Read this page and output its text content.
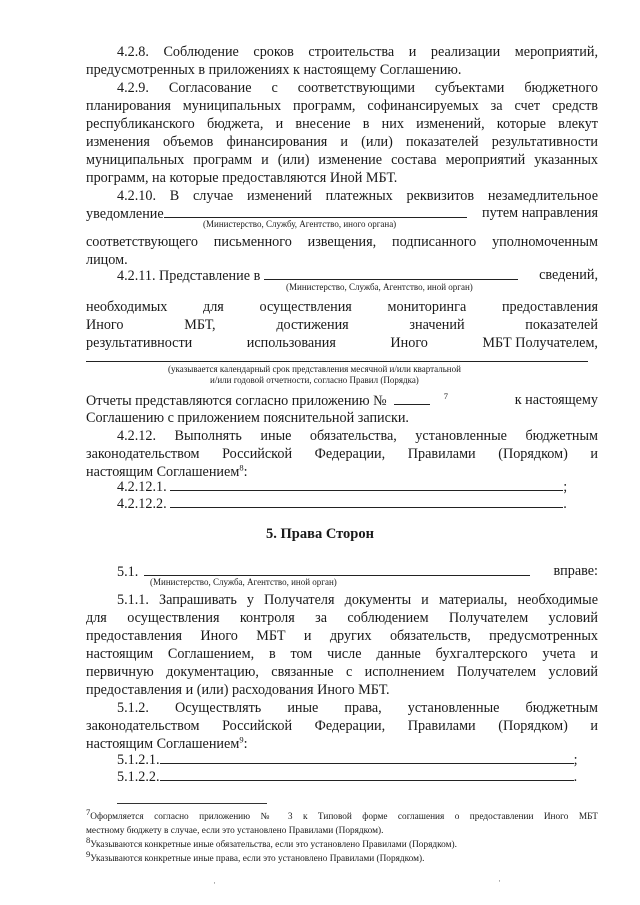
4.2.8. Соблюдение сроков строительства и реализации мероприятий,
предусмотренных в приложениях к настоящему Соглашению.
4.2.9. Согласование с соответствующими субъектами бюджетного
планирования муниципальных программ, софинансируемых за счет средств
республиканского бюджета, и внесение в них изменений, которые влекут
изменения объемов финансирования и (или) показателей результативности
муниципальных программ и (или) изменение состава мероприятий указанных
программ, на которые предоставляются Иной МБТ.
4.2.10. В случае изменений платежных реквизитов незамедлительное
уведомление	путем направления
(Министерство, Службу, Агентство, иного органа)
соответствующего письменного извещения, подписанного уполномоченным
лицом.
4.2.11. Представление в	сведений,
(Министерство, Служба, Агентство, иной орган)
необходимых	для	осуществления	мониторинга	предоставления
Иного	МБТ,	достижения	значений	показателей
результативности	использования	Иного	МБТ Получателем,
(указывается календарный срок представления месячной и/или квартальной
и/или годовой отчетности, согласно Правил (Порядка)
Отчеты представляются согласно приложению №	$^7$	к настоящему
Соглашению с приложением пояснительной записки.
4.2.12. Выполнять иные обязательства, установленные бюджетным
законодательством Российской Федерации, Правилами (Порядком) и
настоящим Соглашением$^8$:
4.2.12.1.	;
4.2.12.2.	.
5. Права Сторон
5.1.	вправе:
(Министерство, Служба, Агентство, иной орган)
5.1.1. Запрашивать у Получателя документы и материалы, необходимые
для осуществления контроля за соблюдением Получателем условий
предоставления Иного МБТ и других обязательств, предусмотренных
настоящим Соглашением, в том числе данные бухгалтерского учета и
первичную документацию, связанные с исполнением Получателем условий
предоставления и (или) расходования Иного МБТ.
5.1.2. Осуществлять иные права, установленные бюджетным
законодательством Российской Федерации, Правилами (Порядком) и
настоящим Соглашением$^9$:
5.1.2.1.	;
5.1.2.2.	.
$^7$Оформляется согласно приложению № 3 к Типовой форме соглашения о предоставлении Иного МБТ
местному бюджету в случае, если это установлено Правилами (Порядком).
$^8$Указываются конкретные иные обязательства, если это установлено Правилами (Порядком).
$^9$Указываются конкретные иные права, если это установлено Правилами (Порядком).
·	·
